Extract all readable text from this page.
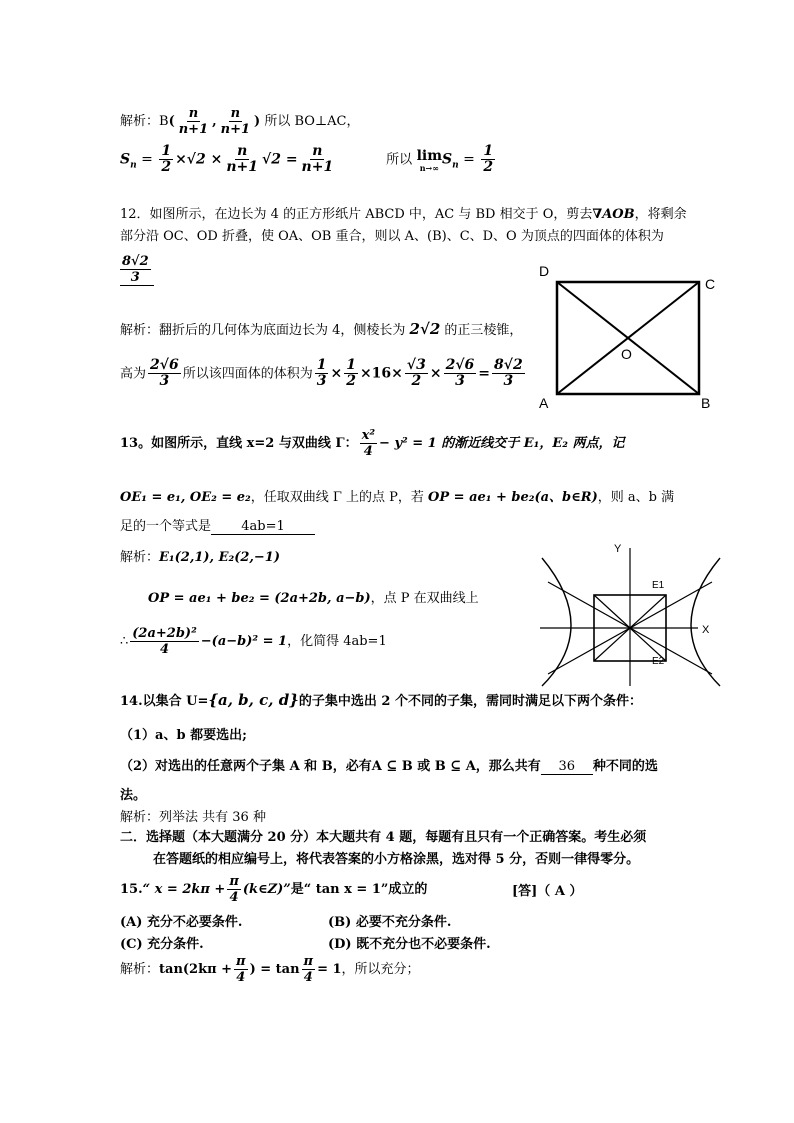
解析：$B( \frac{n}{n+1}$ , $\frac{n}{n+1}$ ) 所以 BO⊥AC，
$S_n = \frac{1}{2} \times√2 \times \frac{n}{n+1} √2 = \frac{n}{n+1}$	所以 lim
n→∞ $S_n = \frac{1}{2}$
12．如图所示，在边长为 4 的正方形纸片 ABCD 中，AC 与 BD 相交于 O，剪去∇AOB，将剩余
部分沿 OC、OD 折叠，使 OA、OB 重合，则以 A、(B)、C、D、O 为顶点的四面体的体积为
$\frac{8√2}{3}$
解析：翻折后的几何体为底面边长为 4，侧棱长为 2√2 的正三棱锥，
高为 $\frac{2√6}{3}$ 所以该四面体的体积为 $\frac{1}{3} \times \frac{1}{2} \times 16\times \frac{√3}{2} \times \frac{2√6}{3} = \frac{8√2}{3}$
D
C
O
A	B
13。如图所示，直线 x=2 与双曲线 Γ： $\frac{\text{x²}}{4} - y^2 = 1$ 的渐近线交于 E₁，E₂ 两点，记
OE₁ = e₁, OE₂ = e₂，任取双曲线 Γ 上的点 P，若 OP = ae₁ + be₂(a、b∈R)，则 a、b 满
足的一个等式是 4ab=1
解析：E₁(2,1), E₂(2,−1)
OP = ae₁ + be₂ = (2a+2b, a−b)，点 P 在双曲线上
∴ $\frac{\text{(2a+2b)²}}{4} -(a-b)^2 = 1$，化简得 4ab=1
Y
X
E1
E2
14.以集合 U={a, b, c, d}的子集中选出 2 个不同的子集，需同时满足以下两个条件：
（1）a、b 都要选出;
（2）对选出的任意两个子集 A 和 B，必有A ⊆ B 或 B ⊆ A，那么共有 36 种不同的选
法。
解析：列举法 共有 36 种
二．选择题（本大题满分 20 分）本大题共有 4 题，每题有且只有一个正确答案。考生必须
在答题纸的相应编号上，将代表答案的小方格涂黑，选对得 5 分，否则一律得零分。
15.“ $x = 2k\pi + \frac{\pi}{4}$ (k∈Z)”是“ tan x = 1”成立的	[答]（ A ）
(A) 充分不必要条件.	(B) 必要不充分条件.
(C) 充分条件.	(D) 既不充分也不必要条件.
解析：$\tan(2k\pi + \frac{\pi}{4}$ ) = $\tan \frac{\pi}{4} = 1$，所以充分；
